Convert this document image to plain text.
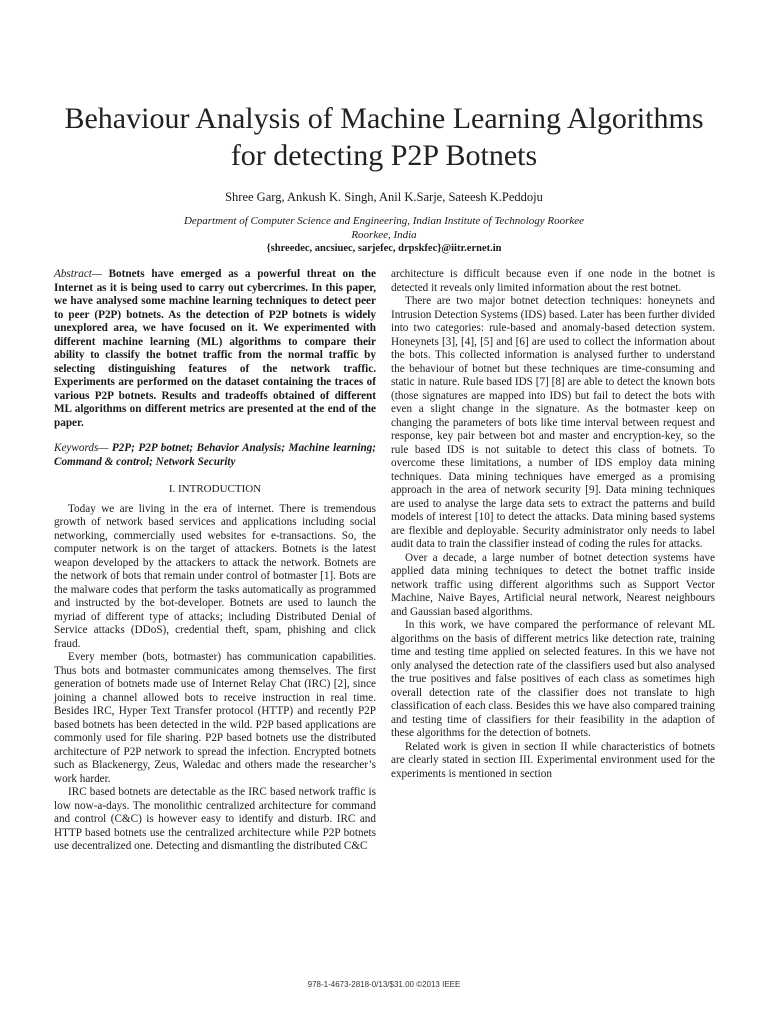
Behaviour Analysis of Machine Learning Algorithms
for detecting P2P Botnets
Shree Garg, Ankush K. Singh, Anil K.Sarje, Sateesh K.Peddoju
Department of Computer Science and Engineering, Indian Institute of Technology Roorkee
Roorkee, India
{shreedec, ancsiuec, sarjefec, drpskfec}@iitr.ernet.in

Abstract— Botnets have emerged as a powerful threat on the Internet as it is being used to carry out cybercrimes. In this paper, we have analysed some machine learning techniques to detect peer to peer (P2P) botnets. As the detection of P2P botnets is widely unexplored area, we have focused on it. We experimented with different machine learning (ML) algorithms to compare their ability to classify the botnet traffic from the normal traffic by selecting distinguishing features of the network traffic. Experiments are performed on the dataset containing the traces of various P2P botnets. Results and tradeoffs obtained of different ML algorithms on different metrics are presented at the end of the paper.

Keywords— P2P; P2P botnet; Behavior Analysis; Machine learning; Command & control; Network Security

I. INTRODUCTION

Today we are living in the era of internet. There is tremendous growth of network based services and applications including social networking, commercially used websites for e-transactions. So, the computer network is on the target of attackers. Botnets is the latest weapon developed by the attackers to attack the network. Botnets are the network of bots that remain under control of botmaster [1]. Bots are the malware codes that perform the tasks automatically as programmed and instructed by the bot-developer. Botnets are used to launch the myriad of different type of attacks; including Distributed Denial of Service attacks (DDoS), credential theft, spam, phishing and click fraud.

Every member (bots, botmaster) has communication capabilities. Thus bots and botmaster communicates among themselves. The first generation of botnets made use of Internet Relay Chat (IRC) [2], since joining a channel allowed bots to receive instruction in real time. Besides IRC, Hyper Text Transfer protocol (HTTP) and recently P2P based botnets has been detected in the wild. P2P based applications are commonly used for file sharing. P2P based botnets use the distributed architecture of P2P network to spread the infection. Encrypted botnets such as Blackenergy, Zeus, Waledac and others made the researcher’s work harder.

IRC based botnets are detectable as the IRC based network traffic is low now-a-days. The monolithic centralized architecture for command and control (C&C) is however easy to identify and disturb. IRC and HTTP based botnets use the centralized architecture while P2P botnets use decentralized one. Detecting and dismantling the distributed C&C

architecture is difficult because even if one node in the botnet is detected it reveals only limited information about the rest botnet.

There are two major botnet detection techniques: honeynets and Intrusion Detection Systems (IDS) based. Later has been further divided into two categories: rule-based and anomaly-based detection system. Honeynets [3], [4], [5] and [6] are used to collect the information about the bots. This collected information is analysed further to understand the behaviour of botnet but these techniques are time-consuming and static in nature. Rule based IDS [7] [8] are able to detect the known bots (those signatures are mapped into IDS) but fail to detect the bots with even a slight change in the signature. As the botmaster keep on changing the parameters of bots like time interval between request and response, key pair between bot and master and encryption-key, so the rule based IDS is not suitable to detect this class of botnets. To overcome these limitations, a number of IDS employ data mining techniques. Data mining techniques have emerged as a promising approach in the area of network security [9]. Data mining techniques are used to analyse the large data sets to extract the patterns and build models of interest [10] to detect the attacks. Data mining based systems are flexible and deployable. Security administrator only needs to label audit data to train the classifier instead of coding the rules for attacks.

Over a decade, a large number of botnet detection systems have applied data mining techniques to detect the botnet traffic inside network traffic using different algorithms such as Support Vector Machine, Naive Bayes, Artificial neural network, Nearest neighbours and Gaussian based algorithms.

In this work, we have compared the performance of relevant ML algorithms on the basis of different metrics like detection rate, training time and testing time applied on selected features. In this we have not only analysed the detection rate of the classifiers used but also analysed the true positives and false positives of each class as sometimes high overall detection rate of the classifier does not translate to high classification of each class. Besides this we have also compared training and testing time of classifiers for their feasibility in the adaption of these algorithms for the detection of botnets.

Related work is given in section II while characteristics of botnets are clearly stated in section III. Experimental environment used for the experiments is mentioned in section

978-1-4673-2818-0/13/$31.00 ©2013 IEEE
